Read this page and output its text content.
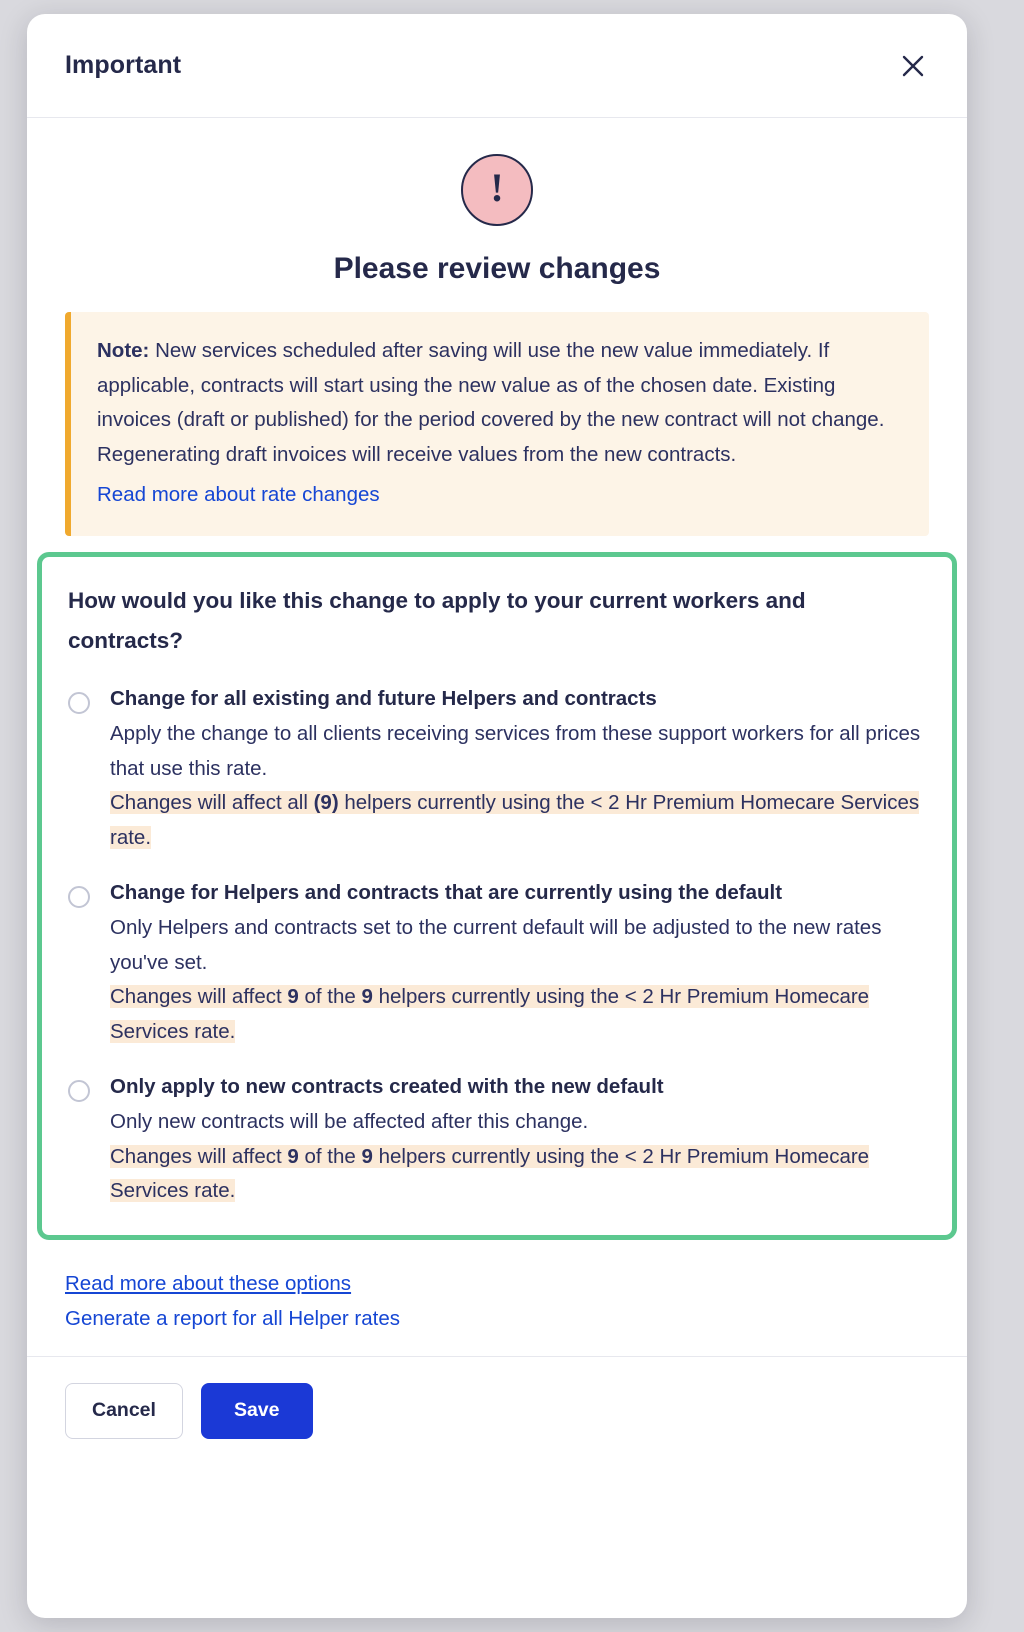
Important
!
Please review changes
Note: New services scheduled after saving will use the new value immediately. If applicable, contracts will start using the new value as of the chosen date. Existing invoices (draft or published) for the period covered by the new contract will not change. Regenerating draft invoices will receive values from the new contracts.
Read more about rate changes
How would you like this change to apply to your current workers and contracts?
Change for all existing and future Helpers and contracts
Apply the change to all clients receiving services from these support workers for all prices that use this rate.
Changes will affect all (9) helpers currently using the < 2 Hr Premium Homecare Services rate.
Change for Helpers and contracts that are currently using the default
Only Helpers and contracts set to the current default will be adjusted to the new rates you've set.
Changes will affect 9 of the 9 helpers currently using the < 2 Hr Premium Homecare Services rate.
Only apply to new contracts created with the new default
Only new contracts will be affected after this change.
Changes will affect 9 of the 9 helpers currently using the < 2 Hr Premium Homecare Services rate.
Read more about these options
Generate a report for all Helper rates
Cancel	Save
